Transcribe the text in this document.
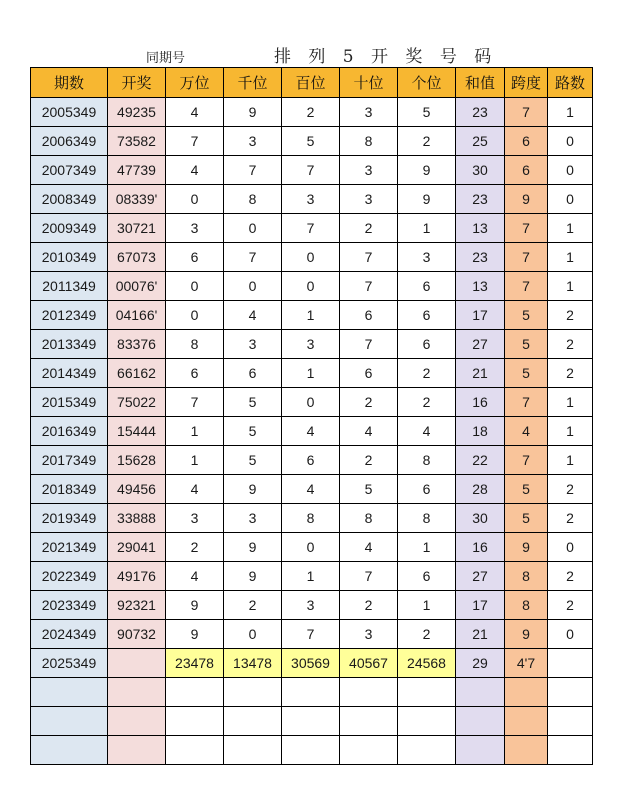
同期号	排 列 5 开 奖 号 码
期数	开奖	万位	千位	百位	十位	个位	和值	跨度	路数
2005349	49235	4	9	2	3	5	23	7	1
2006349	73582	7	3	5	8	2	25	6	0
2007349	47739	4	7	7	3	9	30	6	0
2008349	08339'	0	8	3	3	9	23	9	0
2009349	30721	3	0	7	2	1	13	7	1
2010349	67073	6	7	0	7	3	23	7	1
2011349	00076'	0	0	0	7	6	13	7	1
2012349	04166'	0	4	1	6	6	17	5	2
2013349	83376	8	3	3	7	6	27	5	2
2014349	66162	6	6	1	6	2	21	5	2
2015349	75022	7	5	0	2	2	16	7	1
2016349	15444	1	5	4	4	4	18	4	1
2017349	15628	1	5	6	2	8	22	7	1
2018349	49456	4	9	4	5	6	28	5	2
2019349	33888	3	3	8	8	8	30	5	2
2021349	29041	2	9	0	4	1	16	9	0
2022349	49176	4	9	1	7	6	27	8	2
2023349	92321	9	2	3	2	1	17	8	2
2024349	90732	9	0	7	3	2	21	9	0
2025349		23478	13478	30569	40567	24568	29	4'7	
